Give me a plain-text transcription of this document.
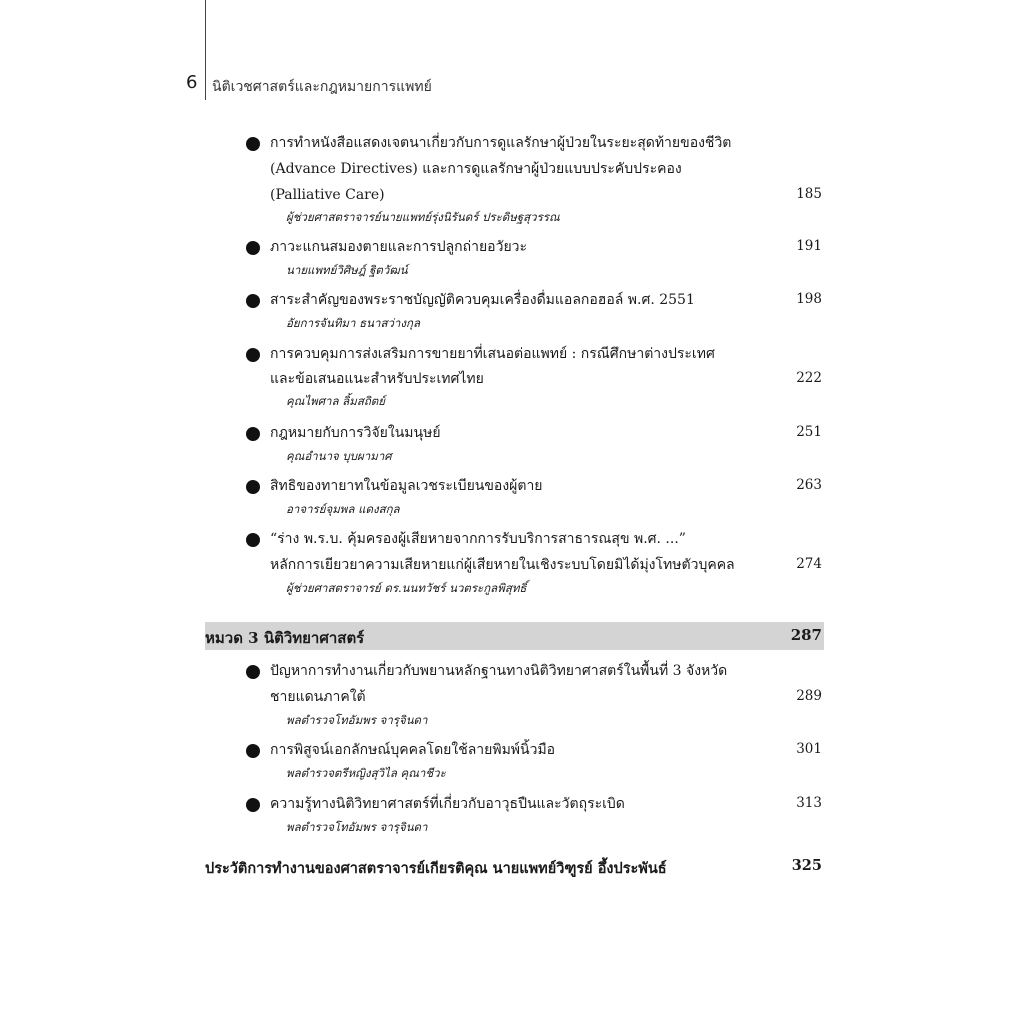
6 นิติเวชศาสตร์และกฎหมายการแพทย์
การทำหนังสือแสดงเจตนาเกี่ยวกับการดูแลรักษาผู้ป่วยในระยะสุดท้ายของชีวิต
(Advance Directives) และการดูแลรักษาผู้ป่วยแบบประคับประคอง
(Palliative Care)
ผู้ช่วยศาสตราจารย์นายแพทย์รุ่งนิรันดร์ ประดิษฐสุวรรณ
185
ภาวะแกนสมองตายและการปลูกถ่ายอวัยวะ
นายแพทย์วิศิษฎ์ ฐิตวัฒน์
191
สาระสำคัญของพระราชบัญญัติควบคุมเครื่องดื่มแอลกอฮอล์ พ.ศ. 2551
อัยการจันทิมา ธนาสว่างกุล
198
การควบคุมการส่งเสริมการขายยาที่เสนอต่อแพทย์ : กรณีศึกษาต่างประเทศ
และข้อเสนอแนะสำหรับประเทศไทย
คุณไพศาล ลิ้มสถิตย์
222
กฎหมายกับการวิจัยในมนุษย์
คุณอำนาจ บุบผามาศ
251
สิทธิของทายาทในข้อมูลเวชระเบียนของผู้ตาย
อาจารย์จุมพล แดงสกุล
263
“ร่าง พ.ร.บ. คุ้มครองผู้เสียหายจากการรับบริการสาธารณสุข พ.ศ. ...”
หลักการเยียวยาความเสียหายแก่ผู้เสียหายในเชิงระบบโดยมิได้มุ่งโทษตัวบุคคล
ผู้ช่วยศาสตราจารย์ ดร.นนทวัชร์ นวตระกูลพิสุทธิ์
274
หมวด 3 นิติวิทยาศาสตร์	287
ปัญหาการทำงานเกี่ยวกับพยานหลักฐานทางนิติวิทยาศาสตร์ในพื้นที่ 3 จังหวัด
ชายแดนภาคใต้
พลตำรวจโทอัมพร จารุจินดา
289
การพิสูจน์เอกลักษณ์บุคคลโดยใช้ลายพิมพ์นิ้วมือ
พลตำรวจตรีหญิงสุวิไล คุณาชีวะ
301
ความรู้ทางนิติวิทยาศาสตร์ที่เกี่ยวกับอาวุธปืนและวัตถุระเบิด
พลตำรวจโทอัมพร จารุจินดา
313
ประวัติการทำงานของศาสตราจารย์เกียรติคุณ นายแพทย์วิฑูรย์ อึ้งประพันธ์	325
